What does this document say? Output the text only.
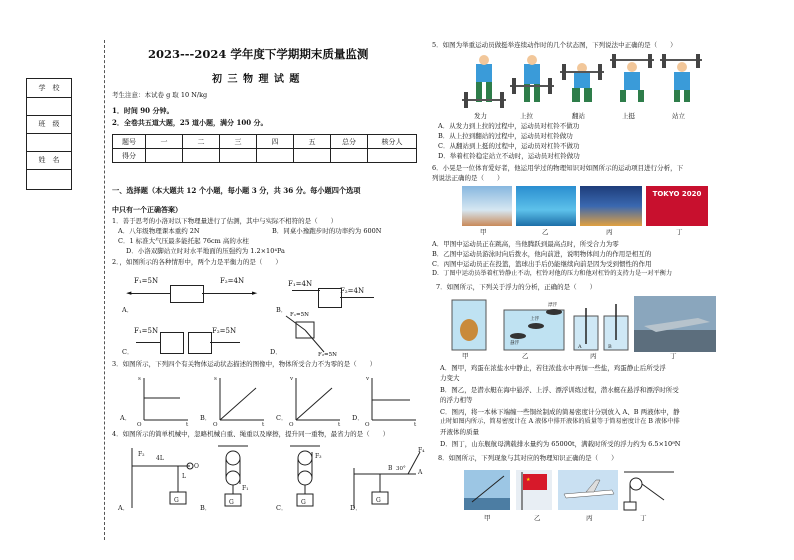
学　校
班　级
姓　名
2023---2024 学年度下学期期末质量监测
初 三 物 理 试 题
考生注意：本试卷 g 取 10 N/kg
1．时间 90 分钟。
2．全卷共五道大题，25 道小题，满分 100 分。
题号	一	二	三	四	五	总分	核分人
得分							
一、选择题（本大题共 12 个小题，每小题 3 分，共 36 分。每小题四个选项
中只有一个正确答案）
1．善于思考的小洛对以下物理量进行了估测，其中与实际不相符的是（　　）
A．八年级物理课本重约 2N	B．同桌小豫跑步时的功率约为 600N
C．1 标准大气压最多能托起 76cm 高的水柱
D．小洛双脚站立时对水平地面的压强约为 1.2×10⁴Pa
2．，如图所示的各种情形中，两个力是平衡力的是（　　）
F₁=5N	F₂=4N
◄	►
A．
F₁=4N
F₂=4N
B．
F₁=5N	F₂=5N
C．
F₁=5N
F₂=5N
D．
3．如图所示，下列四个有关物体运动状态描述的图像中，物体所受合力不为零的是（　　）
s
t
O
s
t
O
v
t
O
v
t
O
A．	B．	C．	D．
4．如图所示的简单机械中，忽略机械自重、绳重以及摩擦，提升同一重物，最省力的是（　　）
F₂
4L
L
O
G
F₁
G
F₃
G
B 30° A
F₄
G
A．	B．	C．	D．
5．如图为举重运动员做挺举连续动作时的几个状态图，下列说法中正确的是（　　）
发力	上拉	翻站	上挺	站立
A．从发力到上拉的过程中，运动员对杠铃不做功
B．从上拉到翻站的过程中，运动员对杠铃做功
C．从翻站到上挺的过程中，运动员对杠铃不做功
D．举着杠铃稳定站立不动时，运动员对杠铃做功
6．小晃是一位体育爱好者，他运用学过的物理知识对如图所示的运动项目进行分析，下
列说法正确的是（　　）
TOKYO 2020
甲	乙	丙	丁
A．甲图中运动员正在跳高，当他腾跃到最高点时，所受合力为零
B．乙图中运动员游泳时向后拨水，他向前进，说明物体间力的作用是相互的
C．丙图中运动员正在投篮，篮球出手后仍能继续向前是因为受到惯性的作用
D．丁图中运动员举着杠铃静止不动，杠铃对他的压力和他对杠铃的支持力是一对平衡力
7．如图所示，下列关于浮力的分析，正确的是（　　）
漂浮
上浮
悬浮
A	B
甲	乙	丙	丁
A．图甲，鸡蛋在浓盐水中静止，若往浓盐水中再加一些盐，鸡蛋静止后所受浮
力变大
B．图乙，是潜水艇在海中悬浮、上浮、漂浮训练过程，潜水艇在悬浮和漂浮时所受
的浮力相等
C．图丙，将一本林下端缠一些铜丝制成的简易密度计分别放入 A、B 两液体中，静
止时如图内所示，简易密度计在 A 液体中排开液体的质量等于简易密度计在 B 液体中排
开液体的质量
D．图丁，山东舰航母满载排水量约为 65000t，满载时所受的浮力约为 6.5×10⁸N
8．如图所示，下列现象与其对应的物理知识正确的是（　　）
★
甲	乙	丙	丁
